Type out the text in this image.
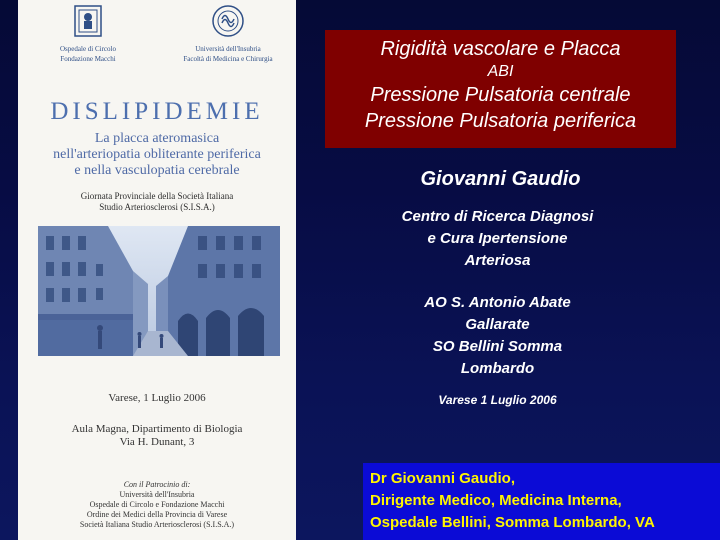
Ospedale di Circolo
Fondazione Macchi
Università dell'Insubria
Facoltà di Medicina e Chirurgia
DISLIPIDEMIE
La placca ateromasica
nell'arteriopatia obliterante periferica
e nella vasculopatia cerebrale
Giornata Provinciale della Società Italiana
Studio Arteriosclerosi (S.I.S.A.)
Varese, 1 Luglio 2006
Aula Magna, Dipartimento di Biologia
Via H. Dunant, 3
Con il Patrocinio di:
Università dell'Insubria
Ospedale di Circolo e Fondazione Macchi
Ordine dei Medici della Provincia di Varese
Società Italiana Studio Arteriosclerosi (S.I.S.A.)
Rigidità vascolare e Placca
ABI
Pressione Pulsatoria centrale
Pressione Pulsatoria periferica
Giovanni Gaudio
Centro di Ricerca Diagnosi
e Cura Ipertensione
Arteriosa
AO S. Antonio Abate
Gallarate
SO Bellini Somma
Lombardo
Varese 1 Luglio 2006
Dr Giovanni Gaudio,
Dirigente Medico, Medicina Interna,
Ospedale Bellini, Somma Lombardo, VA
